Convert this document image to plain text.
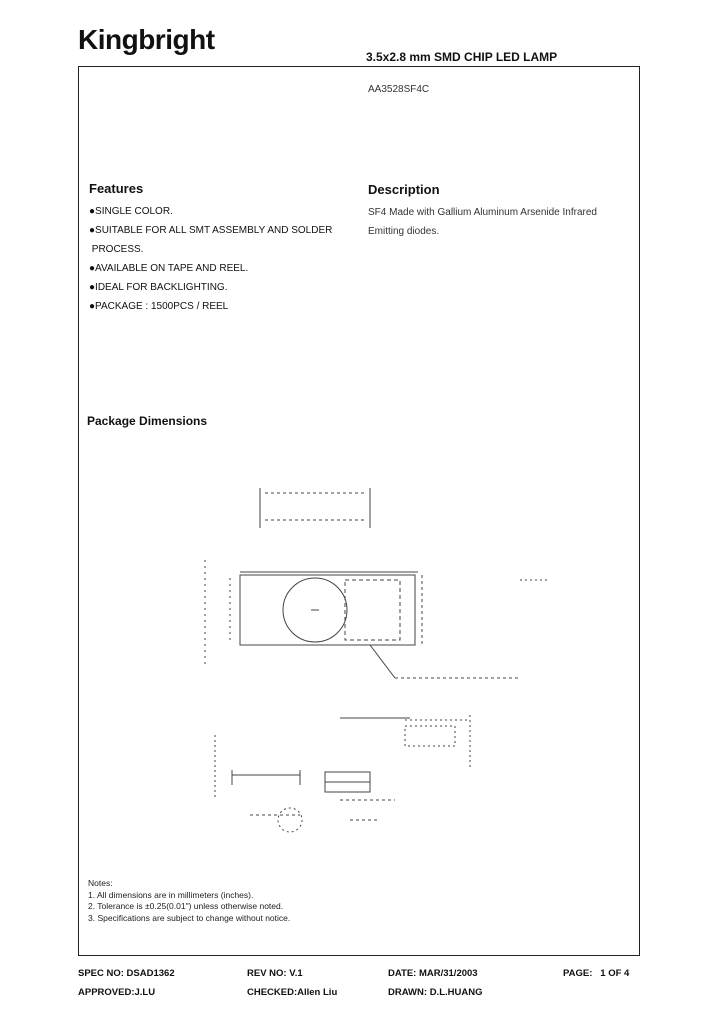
Kingbright
3.5x2.8 mm SMD CHIP LED LAMP
AA3528SF4C
Features
●SINGLE COLOR.
●SUITABLE FOR ALL SMT ASSEMBLY AND SOLDER
PROCESS.
●AVAILABLE ON TAPE AND REEL.
●IDEAL FOR BACKLIGHTING.
●PACKAGE : 1500PCS / REEL
Description
SF4 Made with Gallium Aluminum Arsenide Infrared
Emitting diodes.
Package Dimensions
Notes:
1. All dimensions are in millimeters (inches).
2. Tolerance is ±0.25(0.01") unless otherwise noted.
3. Specifications are subject to change without notice.
SPEC NO: DSAD1362	REV NO: V.1	DATE: MAR/31/2003	PAGE:   1 OF 4
APPROVED:J.LU	CHECKED:Allen Liu	DRAWN: D.L.HUANG
